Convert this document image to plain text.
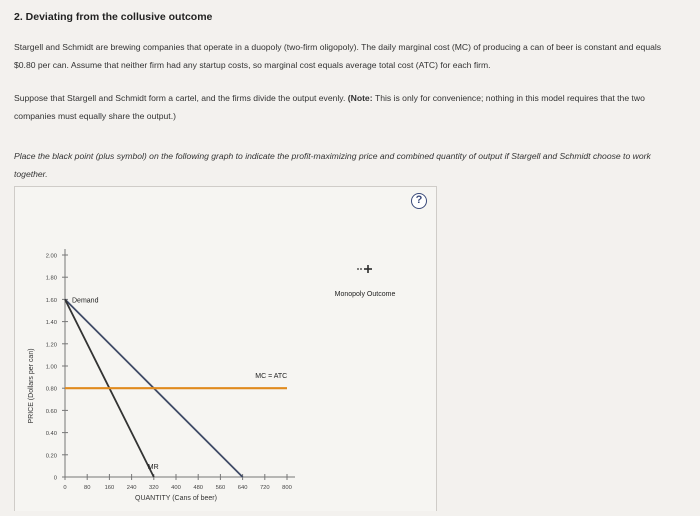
2. Deviating from the collusive outcome
Stargell and Schmidt are brewing companies that operate in a duopoly (two-firm oligopoly). The daily marginal cost (MC) of producing a can of beer is constant and equals $0.80 per can. Assume that neither firm had any startup costs, so marginal cost equals average total cost (ATC) for each firm.
Suppose that Stargell and Schmidt form a cartel, and the firms divide the output evenly. (Note: This is only for convenience; nothing in this model requires that the two companies must equally share the output.)
Place the black point (plus symbol) on the following graph to indicate the profit-maximizing price and combined quantity of output if Stargell and Schmidt choose to work together.
0
0.20
0.40
0.60
0.80
1.00
1.20
1.40
1.60
1.80
2.00
0	80 160 240 320 400 480 560 640 720 800
QUANTITY (Cans of beer)
PRICE (Dollars per can)
Demand
MR
MC = ATC
Monopoly Outcome
?
